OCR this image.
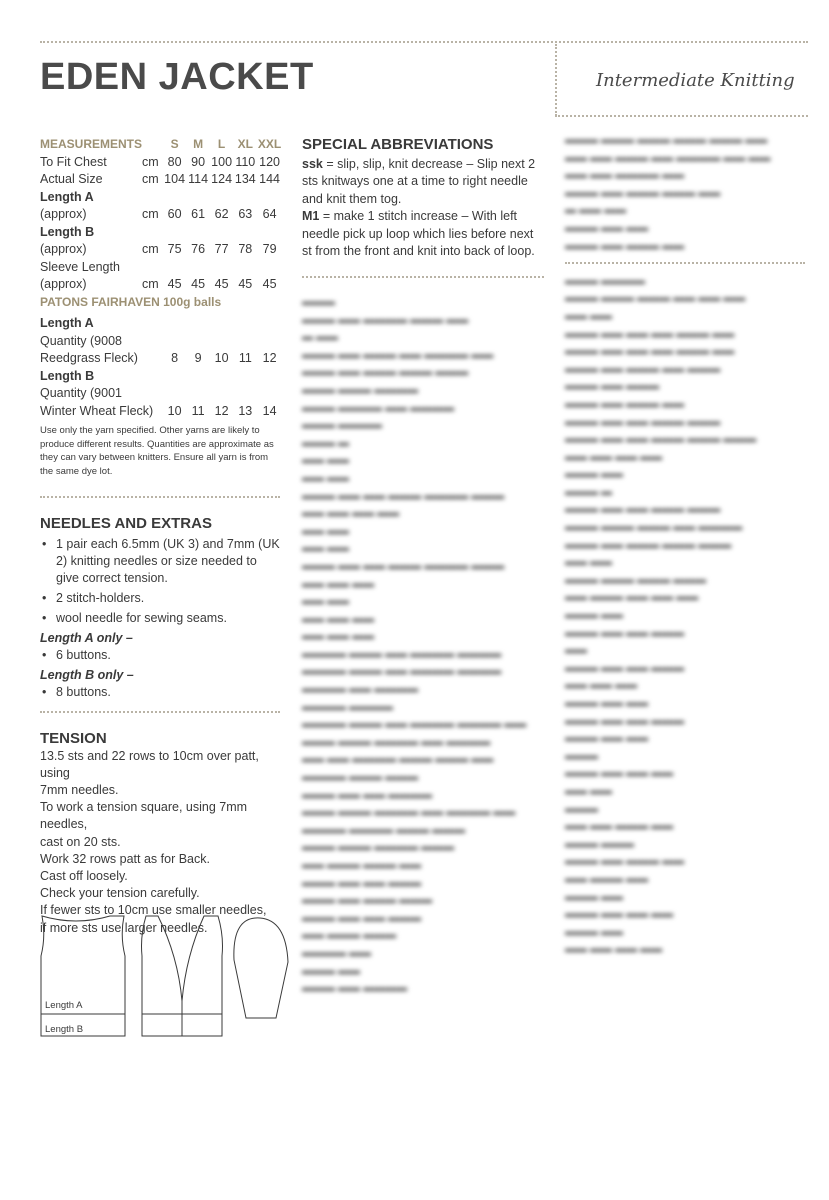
EDEN JACKET	Intermediate Knitting
MEASUREMENTS		S	M	L	XL	XXL
To Fit Chest	cm	80	90	100	110	120
Actual Size	cm	104	114	124	134	144
Length A						
(approx)	cm	60	61	62	63	64
Length B						
(approx)	cm	75	76	77	78	79
Sleeve Length						
(approx)	cm	45	45	45	45	45
PATONS FAIRHAVEN 100g balls						

Length A						
Quantity (9008						
Reedgrass Fleck)		8	9	10	11	12
Length B						
Quantity (9001						
Winter Wheat Fleck)		10	11	12	13	14
Use only the yarn specified. Other yarns are likely to produce different results. Quantities are approximate as they can vary between knitters. Ensure all yarn is from the same dye lot.
NEEDLES AND EXTRAS
• 1 pair each 6.5mm (UK 3) and 7mm (UK 2) knitting needles or size needed to give correct tension.
• 2 stitch-holders.
• wool needle for sewing seams.
Length A only –
• 6 buttons.
Length B only –
• 8 buttons.
TENSION
13.5 sts and 22 rows to 10cm over patt, using
7mm needles.
To work a tension square, using 7mm needles,
cast on 20 sts.
Work 32 rows patt as for Back.
Cast off loosely.
Check your tension carefully.
If fewer sts to 10cm use smaller needles,
if more sts use larger needles.
Length A
Length B
SPECIAL ABBREVIATIONS
ssk = slip, slip, knit decrease – Slip next 2 sts knitways one at a time to right needle and knit them tog.
M1 = make 1 stitch increase – With left needle pick up loop which lies before next st from the front and knit into back of loop.

▬▬▬

▬▬▬ ▬▬ ▬▬▬▬ ▬▬▬ ▬▬

▬ ▬▬

▬▬▬ ▬▬ ▬▬▬ ▬▬ ▬▬▬▬ ▬▬

▬▬▬ ▬▬ ▬▬▬ ▬▬▬ ▬▬▬

▬▬▬ ▬▬▬ ▬▬▬▬

▬▬▬ ▬▬▬▬ ▬▬ ▬▬▬▬

▬▬▬ ▬▬▬▬

▬▬▬ ▬

▬▬ ▬▬

▬▬ ▬▬

▬▬▬ ▬▬ ▬▬ ▬▬▬ ▬▬▬▬ ▬▬▬

▬▬ ▬▬ ▬▬ ▬▬

▬▬ ▬▬

▬▬ ▬▬

▬▬▬ ▬▬ ▬▬ ▬▬▬ ▬▬▬▬ ▬▬▬

▬▬ ▬▬ ▬▬

▬▬ ▬▬

▬▬ ▬▬ ▬▬

▬▬ ▬▬ ▬▬

▬▬▬▬ ▬▬▬ ▬▬ ▬▬▬▬ ▬▬▬▬

▬▬▬▬ ▬▬▬ ▬▬ ▬▬▬▬ ▬▬▬▬

▬▬▬▬ ▬▬ ▬▬▬▬

▬▬▬▬ ▬▬▬▬

▬▬▬▬ ▬▬▬ ▬▬ ▬▬▬▬ ▬▬▬▬ ▬▬

▬▬▬ ▬▬▬ ▬▬▬▬ ▬▬ ▬▬▬▬

▬▬ ▬▬ ▬▬▬▬ ▬▬▬ ▬▬▬ ▬▬

▬▬▬▬ ▬▬▬ ▬▬▬

▬▬▬ ▬▬ ▬▬ ▬▬▬▬

▬▬▬ ▬▬▬ ▬▬▬▬ ▬▬ ▬▬▬▬ ▬▬

▬▬▬▬ ▬▬▬▬ ▬▬▬ ▬▬▬

▬▬▬ ▬▬▬ ▬▬▬▬ ▬▬▬

▬▬ ▬▬▬ ▬▬▬ ▬▬

▬▬▬ ▬▬ ▬▬ ▬▬▬

▬▬▬ ▬▬ ▬▬▬ ▬▬▬

▬▬▬ ▬▬ ▬▬ ▬▬▬

▬▬ ▬▬▬ ▬▬▬

▬▬▬▬ ▬▬

▬▬▬ ▬▬

▬▬▬ ▬▬ ▬▬▬▬

▬▬▬ ▬▬▬ ▬▬▬ ▬▬▬ ▬▬▬ ▬▬

▬▬ ▬▬ ▬▬▬ ▬▬ ▬▬▬▬ ▬▬ ▬▬

▬▬ ▬▬ ▬▬▬▬ ▬▬

▬▬▬ ▬▬ ▬▬▬ ▬▬▬ ▬▬

▬ ▬▬ ▬▬

▬▬▬ ▬▬ ▬▬

▬▬▬ ▬▬ ▬▬▬ ▬▬

▬▬▬ ▬▬▬▬

▬▬▬ ▬▬▬ ▬▬▬ ▬▬ ▬▬ ▬▬

▬▬ ▬▬

▬▬▬ ▬▬ ▬▬ ▬▬ ▬▬▬ ▬▬

▬▬▬ ▬▬ ▬▬ ▬▬ ▬▬▬ ▬▬

▬▬▬ ▬▬ ▬▬▬ ▬▬ ▬▬▬

▬▬▬ ▬▬ ▬▬▬

▬▬▬ ▬▬ ▬▬▬ ▬▬

▬▬▬ ▬▬ ▬▬ ▬▬▬ ▬▬▬

▬▬▬ ▬▬ ▬▬ ▬▬▬ ▬▬▬ ▬▬▬

▬▬ ▬▬ ▬▬ ▬▬

▬▬▬ ▬▬

▬▬▬ ▬

▬▬▬ ▬▬ ▬▬ ▬▬▬ ▬▬▬

▬▬▬ ▬▬▬ ▬▬▬ ▬▬ ▬▬▬▬

▬▬▬ ▬▬ ▬▬▬ ▬▬▬ ▬▬▬

▬▬ ▬▬

▬▬▬ ▬▬▬ ▬▬▬ ▬▬▬

▬▬ ▬▬▬ ▬▬ ▬▬ ▬▬

▬▬▬ ▬▬

▬▬▬ ▬▬ ▬▬ ▬▬▬

▬▬

▬▬▬ ▬▬ ▬▬ ▬▬▬

▬▬ ▬▬ ▬▬

▬▬▬ ▬▬ ▬▬

▬▬▬ ▬▬ ▬▬ ▬▬▬

▬▬▬ ▬▬ ▬▬

▬▬▬

▬▬▬ ▬▬ ▬▬ ▬▬

▬▬ ▬▬

▬▬▬

▬▬ ▬▬ ▬▬▬ ▬▬

▬▬▬ ▬▬▬

▬▬▬ ▬▬ ▬▬▬ ▬▬

▬▬ ▬▬▬ ▬▬

▬▬▬ ▬▬

▬▬▬ ▬▬ ▬▬ ▬▬

▬▬▬ ▬▬

▬▬ ▬▬ ▬▬ ▬▬
